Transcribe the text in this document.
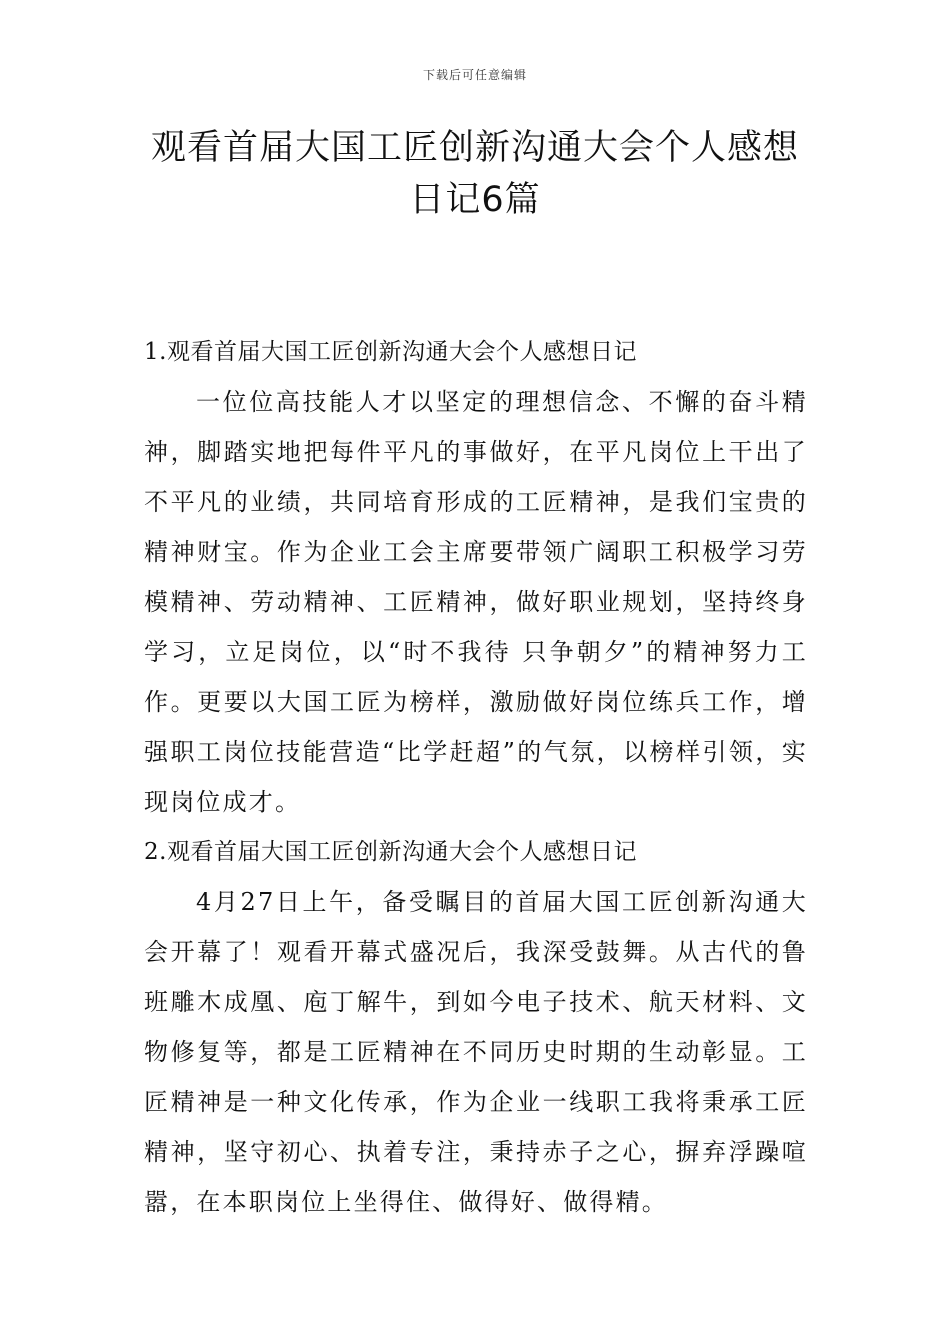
下载后可任意编辑
观看首届大国工匠创新沟通大会个人感想
日记6篇

1.观看首届大国工匠创新沟通大会个人感想日记

一位位高技能人才以坚定的理想信念、不懈的奋斗精神，脚踏实地把每件平凡的事做好，在平凡岗位上干出了不平凡的业绩，共同培育形成的工匠精神，是我们宝贵的精神财宝。作为企业工会主席要带领广阔职工积极学习劳模精神、劳动精神、工匠精神，做好职业规划，坚持终身学习，立足岗位，以“时不我待 只争朝夕”的精神努力工作。更要以大国工匠为榜样，激励做好岗位练兵工作，增强职工岗位技能营造“比学赶超”的气氛，以榜样引领，实现岗位成才。

2.观看首届大国工匠创新沟通大会个人感想日记

4月27日上午，备受瞩目的首届大国工匠创新沟通大会开幕了！观看开幕式盛况后，我深受鼓舞。从古代的鲁班雕木成凰、庖丁解牛，到如今电子技术、航天材料、文物修复等，都是工匠精神在不同历史时期的生动彰显。工匠精神是一种文化传承，作为企业一线职工我将秉承工匠精神，坚守初心、执着专注，秉持赤子之心，摒弃浮躁喧嚣，在本职岗位上坐得住、做得好、做得精。
